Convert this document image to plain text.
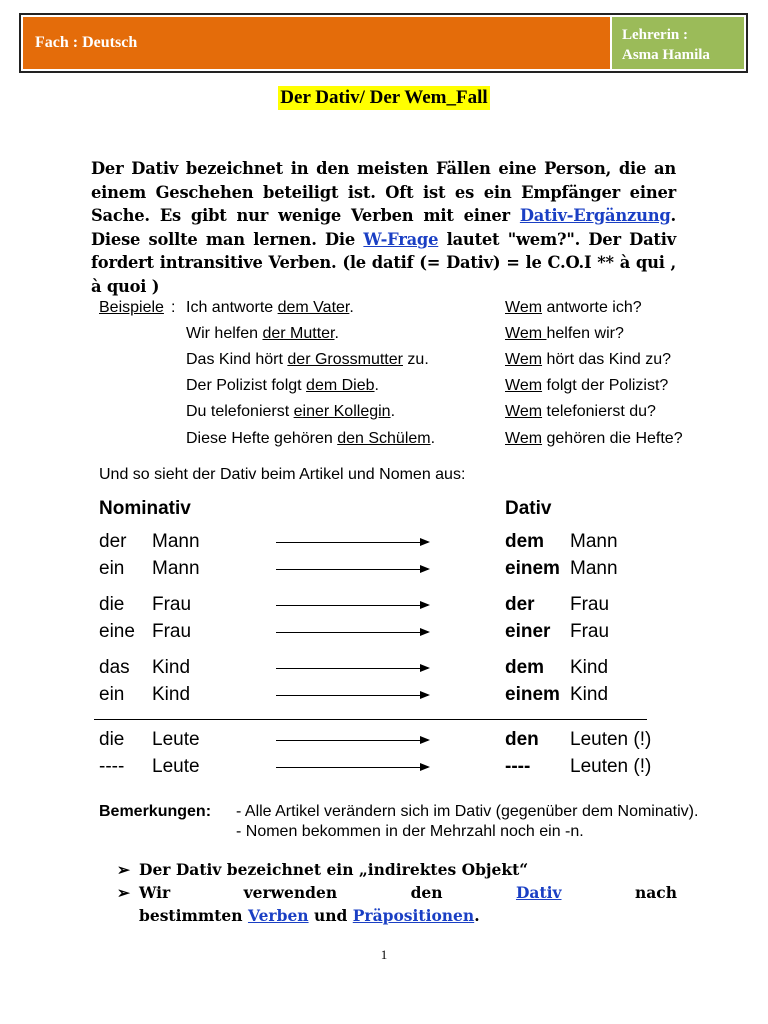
Fach : Deutsch	Lehrerin :
Asma Hamila
Der Dativ/ Der Wem_Fall
Der Dativ bezeichnet in den meisten Fällen eine Person, die an einem Geschehen beteiligt ist. Oft ist es ein Empfänger einer Sache. Es gibt nur wenige Verben mit einer Dativ-Ergänzung. Diese sollte man lernen. Die W-Frage lautet "wem?". Der Dativ fordert intransitive Verben. (le datif (= Dativ) = le C.O.I ** à qui , à quoi )
Beispiele : Ich antworte dem Vater.	Wem antworte ich?
Wir helfen der Mutter.	Wem helfen wir?
Das Kind hört der Grossmutter zu.	Wem hört das Kind zu?
Der Polizist folgt dem Dieb.	Wem folgt der Polizist?
Du telefonierst einer Kollegin.	Wem telefonierst du?
Diese Hefte gehören den Schülem.	Wem gehören die Hefte?
Und so sieht der Dativ beim Artikel und Nomen aus:
Nominativ	Dativ
der Mann	dem Mann
ein Mann	einem Mann
die Frau	der Frau
eine Frau	einer Frau
das Kind	dem Kind
ein Kind	einem Kind
die Leute	den Leuten (!)
---- Leute	---- Leuten (!)
Bemerkungen: - Alle Artikel verändern sich im Dativ (gegenüber dem Nominativ).
- Nomen bekommen in der Mehrzahl noch ein -n.
➢ Der Dativ bezeichnet ein „indirektes Objekt“
➢ Wir	verwenden	den	Dativ	nach
bestimmten Verben und Präpositionen.
1
